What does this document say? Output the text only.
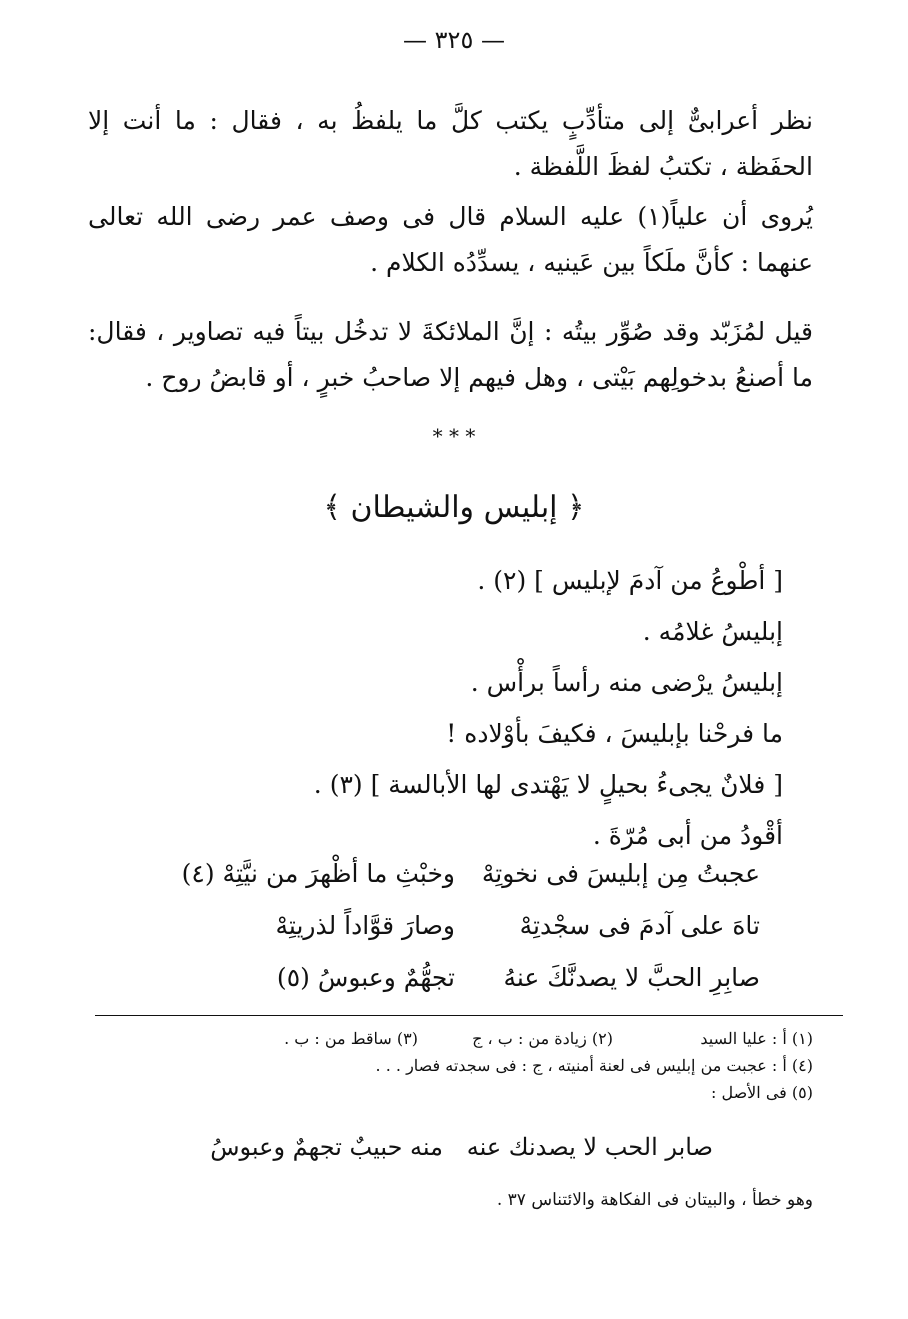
— ٣٢٥ —
نظر أعرابىٌّ إلى متأدِّبٍ يكتب كلَّ ما يلفظُ به ، فقال : ما أنت إلا الحفَظة ، تكتبُ لفظَ اللَّفظة .
يُروى أن علياً(١) عليه السلام قال فى وصف عمر رضى الله تعالى عنهما : كأنَّ ملَكاً بين عَينيه ، يسدِّدُه الكلام .
قيل لمُزَبّد وقد صُوِّر بيتُه : إنَّ الملائكةَ لا تدخُل بيتاً فيه تصاوير ، فقال: ما أصنعُ بدخولِهم بَيْتى ، وهل فيهم إلا صاحبُ خبرٍ ، أو قابضُ روح .
* * *
﴿ إبليس والشيطان ﴾
[ أطْوعُ من آدمَ لإبليس ] (٢) .
إبليسُ غلامُه .
إبليسُ يرْضى منه رأساً برأْس .
ما فرحْنا بإبليسَ ، فكيفَ بأوْلاده !
[ فلانٌ يجىءُ بحيلٍ لا يَهْتدى لها الأبالسة ] (٣) .
أقْودُ من أبى مُرّةَ .
عجبتُ مِن إبليسَ فى نخوتِهْ
وخبْثِ ما أظْهرَ من نيَّتِهْ (٤)
تاهَ على آدمَ فى سجْدتِهْ
وصارَ قوَّاداً لذريتِهْ
صابِرِ الحبَّ لا يصدنَّكَ عنهُ
تجهُّمٌ وعبوسُ (٥)
(١) أ : عليا السيد(٢) زيادة من : ب ، ج(٣) ساقط من : ب .
(٤) أ : عجبت من إبليس فى لعنة أمنيته ، ج : فى سجدته فصار . . .
(٥) فى الأصل :
صابر الحب لا يصدنك عنه
منه حبيبٌ تجهمٌ وعبوسُ
وهو خطأ ، والبيتان فى الفكاهة والائتناس ٣٧ .
